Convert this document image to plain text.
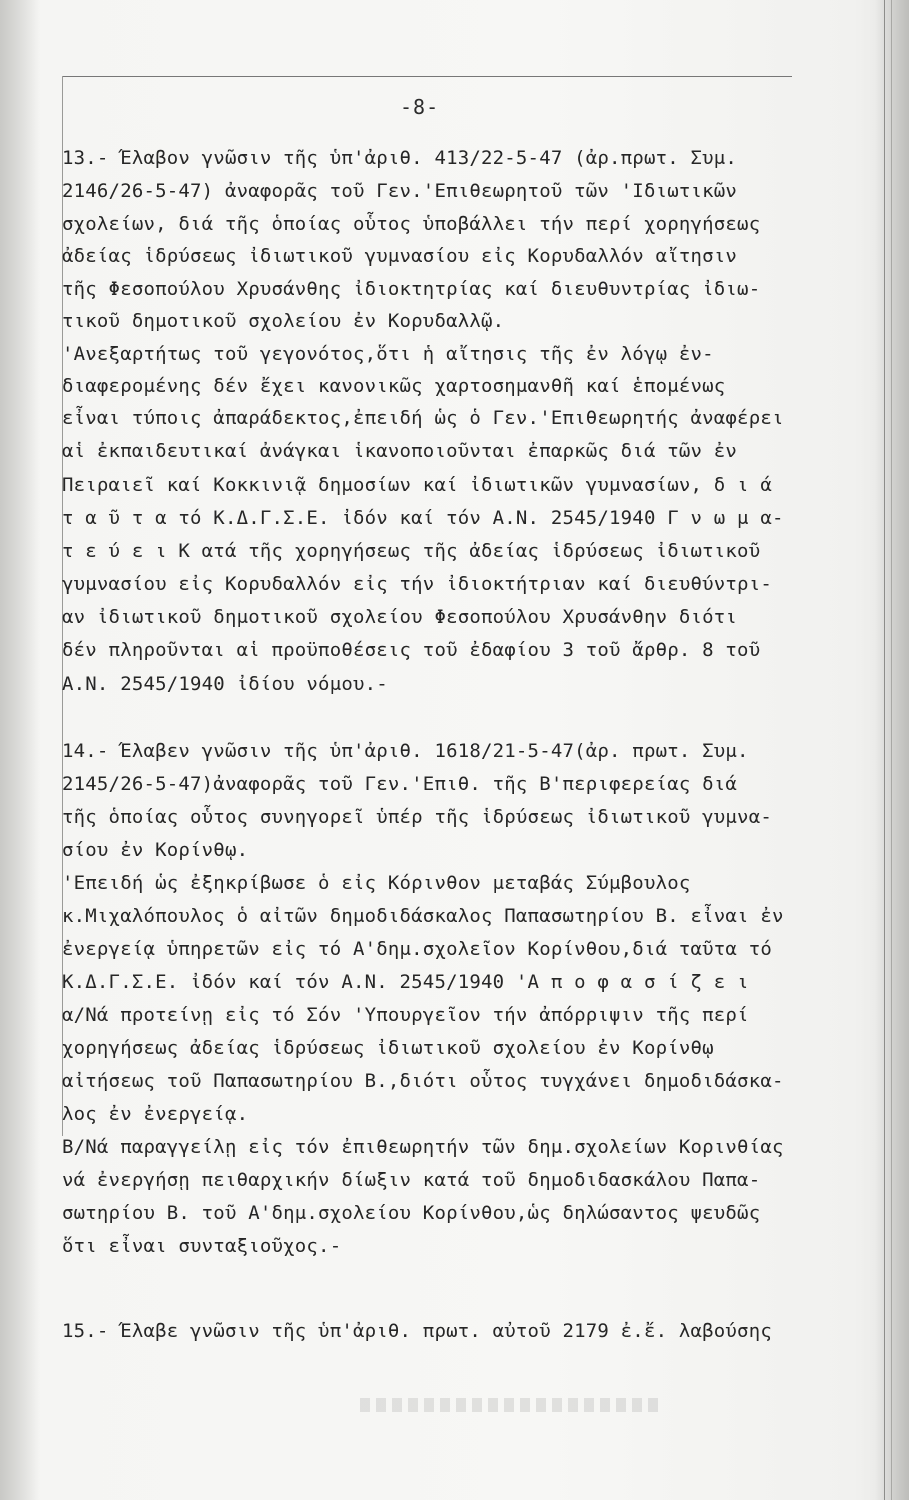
-8-
13.- Έλαβον γνῶσιν τῆς ὑπ'ἀριθ. 413/22-5-47 (ἀρ.πρωτ. Συμ.
2146/26-5-47) ἀναφορᾶς τοῦ Γεν.'Επιθεωρητοῦ τῶν 'Ιδιωτικῶν
σχολείων, διά τῆς ὁποίας οὗτος ὑποβάλλει τήν περί χορηγήσεως
ἀδείας ἱδρύσεως ἰδιωτικοῦ γυμνασίου εἰς Κορυδαλλόν αἴτησιν
τῆς Φεσοπούλου Χρυσάνθης ἰδιοκτητρίας καί διευθυντρίας ἰδιω-
τικοῦ δημοτικοῦ σχολείου ἐν Κορυδαλλῷ.
'Ανεξαρτήτως τοῦ γεγονότος,ὅτι ἡ αἴτησις τῆς ἐν λόγῳ ἐν-
διαφερομένης δέν ἔχει κανονικῶς χαρτοσημανθῆ καί ἑπομένως
εἶναι τύποις ἀπαράδεκτος,ἐπειδή ὡς ὁ Γεν.'Επιθεωρητής ἀναφέρει
αἱ ἐκπαιδευτικαί ἀνάγκαι ἱκανοποιοῦνται ἐπαρκῶς διά τῶν ἐν
Πειραιεῖ καί Κοκκινιᾷ δημοσίων καί ἰδιωτικῶν γυμνασίων, δ ι ά
τ α ῦ τ α τό Κ.Δ.Γ.Σ.Ε. ἰδόν καί τόν Α.Ν. 2545/1940 Γ ν ω μ α-
τ ε ύ ε ι Κ ατά τῆς χορηγήσεως τῆς ἀδείας ἱδρύσεως ἰδιωτικοῦ
γυμνασίου εἰς Κορυδαλλόν εἰς τήν ἰδιοκτήτριαν καί διευθύντρι-
αν ἰδιωτικοῦ δημοτικοῦ σχολείου Φεσοπούλου Χρυσάνθην διότι
δέν πληροῦνται αἱ προϋποθέσεις τοῦ ἐδαφίου 3 τοῦ ἄρθρ. 8 τοῦ
Α.Ν. 2545/1940 ἰδίου νόμου.-
14.- Έλαβεν γνῶσιν τῆς ὑπ'ἀριθ. 1618/21-5-47(ἀρ. πρωτ. Συμ.
2145/26-5-47)ἀναφορᾶς τοῦ Γεν.'Επιθ. τῆς Β'περιφερείας διά
τῆς ὁποίας οὗτος συνηγορεῖ ὑπέρ τῆς ἱδρύσεως ἰδιωτικοῦ γυμνα-
σίου ἐν Κορίνθῳ.
'Επειδή ὡς ἐξηκρίβωσε ὁ εἰς Κόρινθον μεταβάς Σύμβουλος
κ.Μιχαλόπουλος ὁ αἰτῶν δημοδιδάσκαλος Παπασωτηρίου Β. εἶναι ἐν
ἐνεργείᾳ ὑπηρετῶν εἰς τό Α'δημ.σχολεῖον Κορίνθου,διά ταῦτα τό
Κ.Δ.Γ.Σ.Ε. ἰδόν καί τόν Α.Ν. 2545/1940 'Α π ο φ α σ ί ζ ε ι
α/Νά προτείνῃ εἰς τό Σόν 'Υπουργεῖον τήν ἀπόρριψιν τῆς περί
χορηγήσεως ἀδείας ἱδρύσεως ἰδιωτικοῦ σχολείου ἐν Κορίνθῳ
αἰτήσεως τοῦ Παπασωτηρίου Β.,διότι οὗτος τυγχάνει δημοδιδάσκα-
λος ἐν ἐνεργείᾳ.
Β/Νά παραγγείλῃ εἰς τόν ἐπιθεωρητήν τῶν δημ.σχολείων Κορινθίας
νά ἐνεργήσῃ πειθαρχικήν δίωξιν κατά τοῦ δημοδιδασκάλου Παπα-
σωτηρίου Β. τοῦ Α'δημ.σχολείου Κορίνθου,ὡς δηλώσαντος ψευδῶς
ὅτι εἶναι συνταξιοῦχος.-
15.- Έλαβε γνῶσιν τῆς ὑπ'ἀριθ. πρωτ. αὐτοῦ 2179 ἐ.ἔ. λαβούσης
